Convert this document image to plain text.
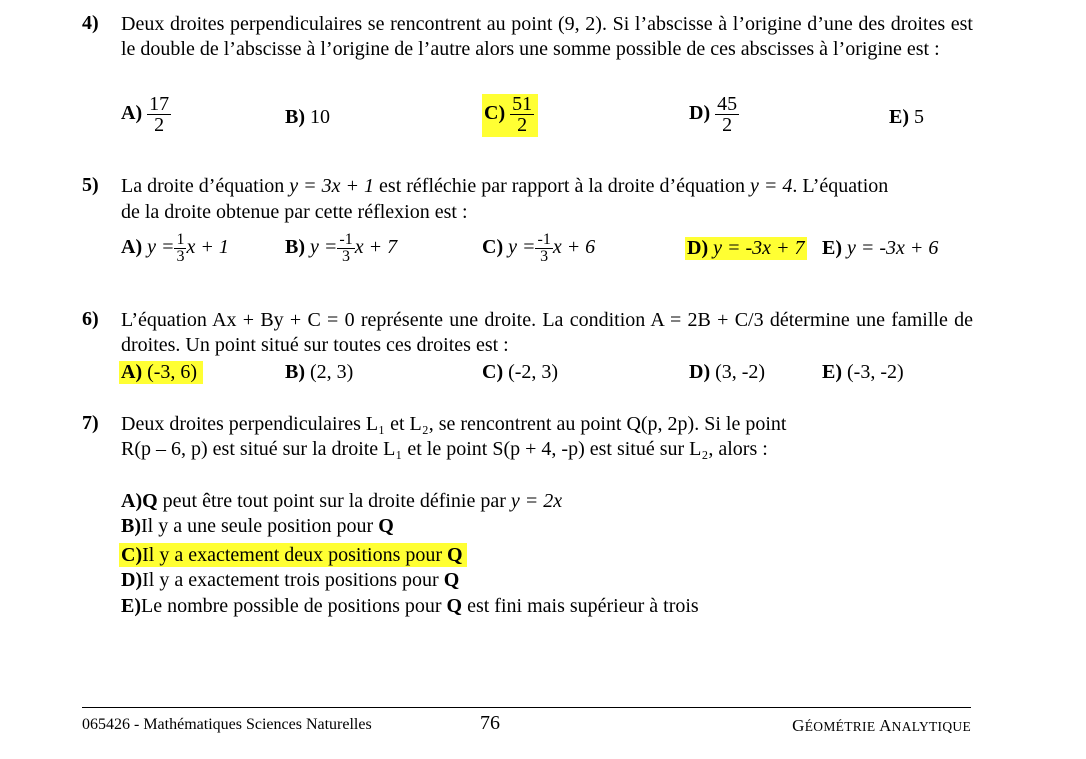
4) Deux droites perpendiculaires se rencontrent au point (9, 2). Si l’abscisse à l’origine d’une des droites est le double de l’abscisse à l’origine de l’autre alors une somme possible de ces abscisses à l’origine est :
$A) \frac{17}{2}$	B) 10	$C) \frac{51}{2}$	$D) \frac{45}{2}$	E) 5
5) La droite d’équation y = 3x + 1 est réfléchie par rapport à la droite d’équation y = 4. L’équation
de la droite obtenue par cette réflexion est :
A) $y = \frac{1}{3}$ x + 1	B) $y = \frac{-1}{3}$ x + 7	C) $y = \frac{-1}{3}$ x + 6	D) y = -3x + 7 E) y = -3x + 6
6) L’équation Ax + By + C = 0 représente une droite. La condition A = 2B + C/3 détermine une famille de droites. Un point situé sur toutes ces droites est :
A) (-3, 6)	B) (2, 3)	C) (-2, 3)	D) (3, -2)	E) (-3, -2)
7) Deux droites perpendiculaires L₁ et L₂, se rencontrent au point Q(p, 2p). Si le point
R(p – 6, p) est situé sur la droite L₁ et le point S(p + 4, -p) est situé sur L₂, alors :
A)Q peut être tout point sur la droite définie par y = 2x
B)Il y a une seule position pour Q
C)Il y a exactement deux positions pour Q
D)Il y a exactement trois positions pour Q
E)Le nombre possible de positions pour Q est fini mais supérieur à trois
065426 - Mathématiques Sciences Naturelles	76	GÉOMÉTRIE ANALYTIQUE
